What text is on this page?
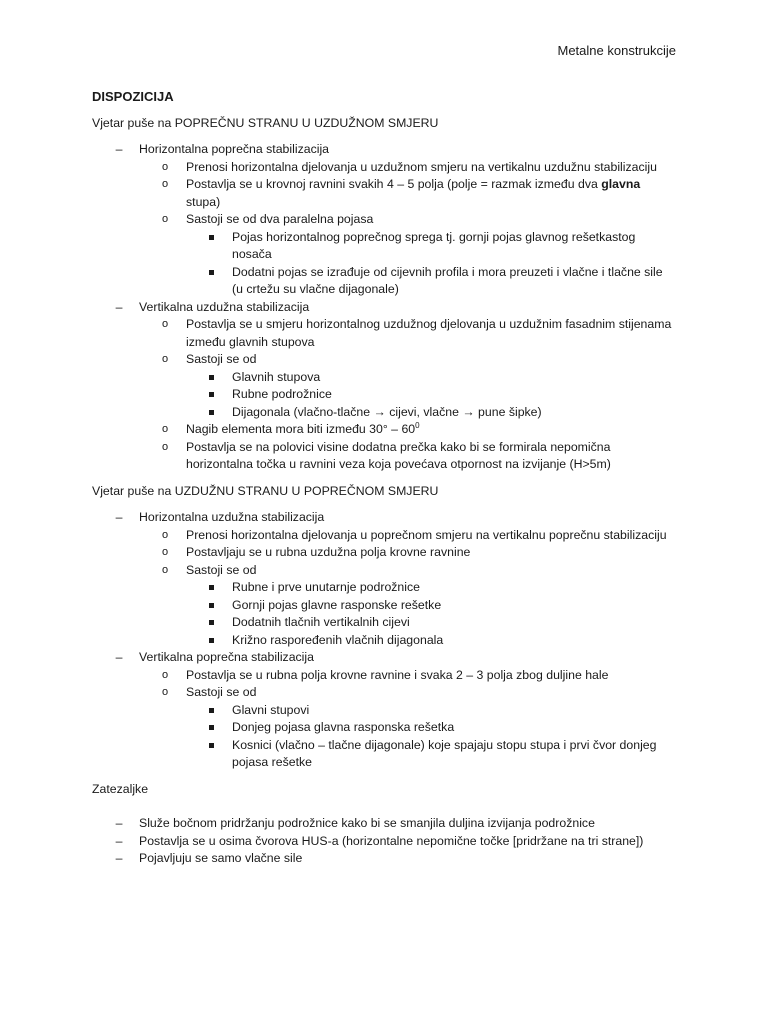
Metalne konstrukcije
DISPOZICIJA
Vjetar puše na POPREČNU STRANU U UZDUŽNOM SMJERU
– Horizontalna poprečna stabilizacija
o Prenosi horizontalna djelovanja u uzdužnom smjeru na vertikalnu uzdužnu stabilizaciju
o Postavlja se u krovnoj ravnini svakih 4 – 5 polja (polje = razmak između dva glavna stupa)
o Sastoji se od dva paralelna pojasa
Pojas horizontalnog poprečnog sprega tj. gornji pojas glavnog rešetkastog nosača
Dodatni pojas se izrađuje od cijevnih profila i mora preuzeti i vlačne i tlačne sile (u crtežu su vlačne dijagonale)
– Vertikalna uzdužna stabilizacija
o Postavlja se u smjeru horizontalnog uzdužnog djelovanja u uzdužnim fasadnim stijenama između glavnih stupova
o Sastoji se od
Glavnih stupova
Rubne podrožnice
Dijagonala (vlačno-tlačne → cijevi, vlačne → pune šipke)
o Nagib elementa mora biti između $30^\circ - 60^0$
o Postavlja se na polovici visine dodatna prečka kako bi se formirala nepomična horizontalna točka u ravnini veza koja povećava otpornost na izvijanje (H>5m)
Vjetar puše na UZDUŽNU STRANU U POPREČNOM SMJERU
– Horizontalna uzdužna stabilizacija
o Prenosi horizontalna djelovanja u poprečnom smjeru na vertikalnu poprečnu stabilizaciju
o Postavljaju se u rubna uzdužna polja krovne ravnine
o Sastoji se od
Rubne i prve unutarnje podrožnice
Gornji pojas glavne rasponske rešetke
Dodatnih tlačnih vertikalnih cijevi
Križno raspoređenih vlačnih dijagonala
– Vertikalna poprečna stabilizacija
o Postavlja se u rubna polja krovne ravnine i svaka 2 – 3 polja zbog duljine hale
o Sastoji se od
Glavni stupovi
Donjeg pojasa glavna rasponska rešetka
Kosnici (vlačno – tlačne dijagonale) koje spajaju stopu stupa i prvi čvor donjeg pojasa rešetke
Zatezaljke
– Služe bočnom pridržanju podrožnice kako bi se smanjila duljina izvijanja podrožnice
– Postavlja se u osima čvorova HUS-a (horizontalne nepomične točke [pridržane na tri strane])
– Pojavljuju se samo vlačne sile
